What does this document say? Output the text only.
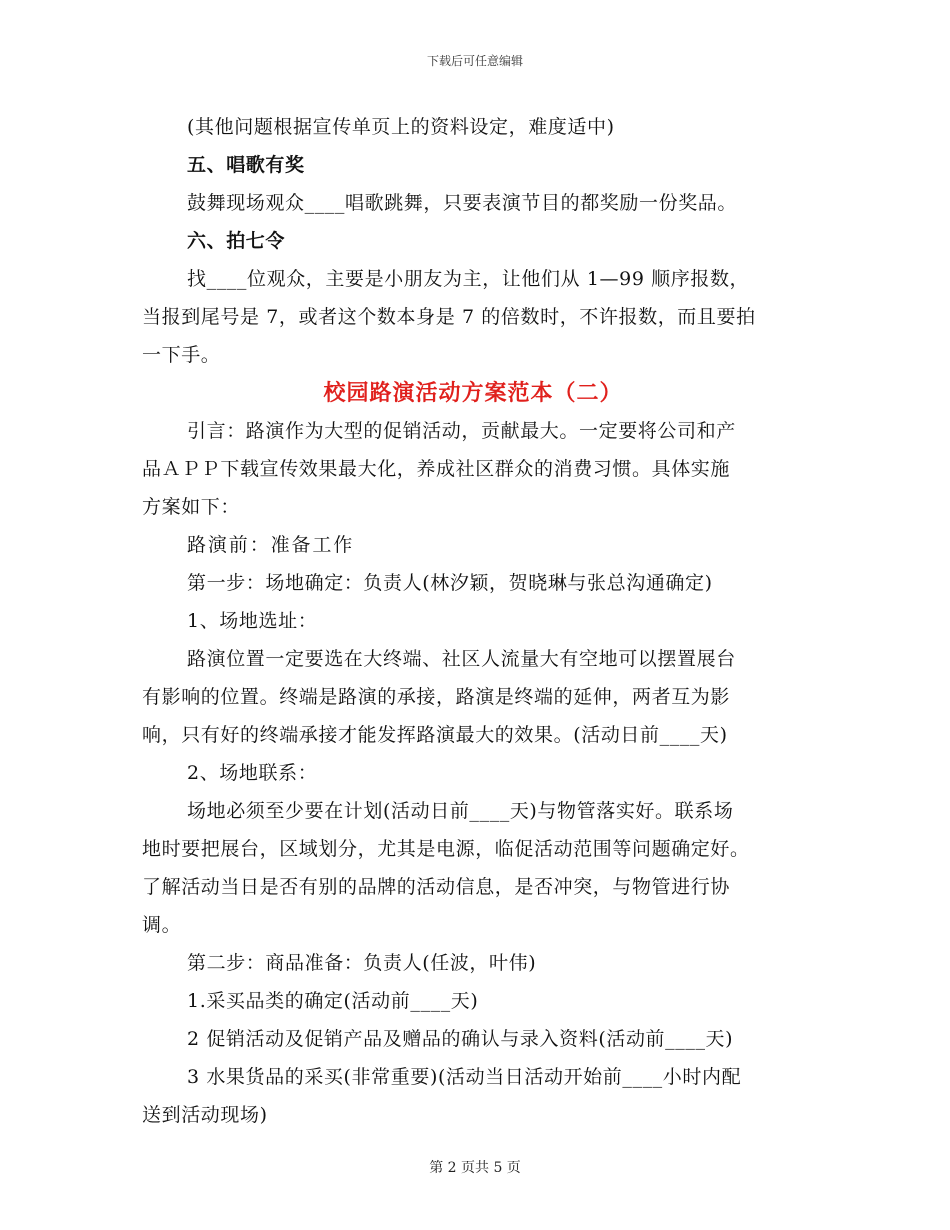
下载后可任意编辑
(其他问题根据宣传单页上的资料设定，难度适中)
五、唱歌有奖
鼓舞现场观众____唱歌跳舞，只要表演节目的都奖励一份奖品。
六、拍七令
找____位观众，主要是小朋友为主，让他们从 1—99 顺序报数，
当报到尾号是 7，或者这个数本身是 7 的倍数时，不许报数，而且要拍
一下手。
校园路演活动方案范本（二）
引言：路演作为大型的促销活动，贡献最大。一定要将公司和产
品ＡＰＰ下载宣传效果最大化，养成社区群众的消费习惯。具体实施
方案如下：
路演前：准备工作
第一步：场地确定：负责人(林汐颖，贺晓琳与张总沟通确定)
1、场地选址：
路演位置一定要选在大终端、社区人流量大有空地可以摆置展台
有影响的位置。终端是路演的承接，路演是终端的延伸，两者互为影
响，只有好的终端承接才能发挥路演最大的效果。(活动日前____天)
2、场地联系：
场地必须至少要在计划(活动日前____天)与物管落实好。联系场
地时要把展台，区域划分，尤其是电源，临促活动范围等问题确定好。
了解活动当日是否有别的品牌的活动信息，是否冲突，与物管进行协
调。
第二步：商品准备：负责人(任波，叶伟)
1.采买品类的确定(活动前____天)
2 促销活动及促销产品及赠品的确认与录入资料(活动前____天)
3 水果货品的采买(非常重要)(活动当日活动开始前____小时内配
送到活动现场)
第 2 页共 5 页
